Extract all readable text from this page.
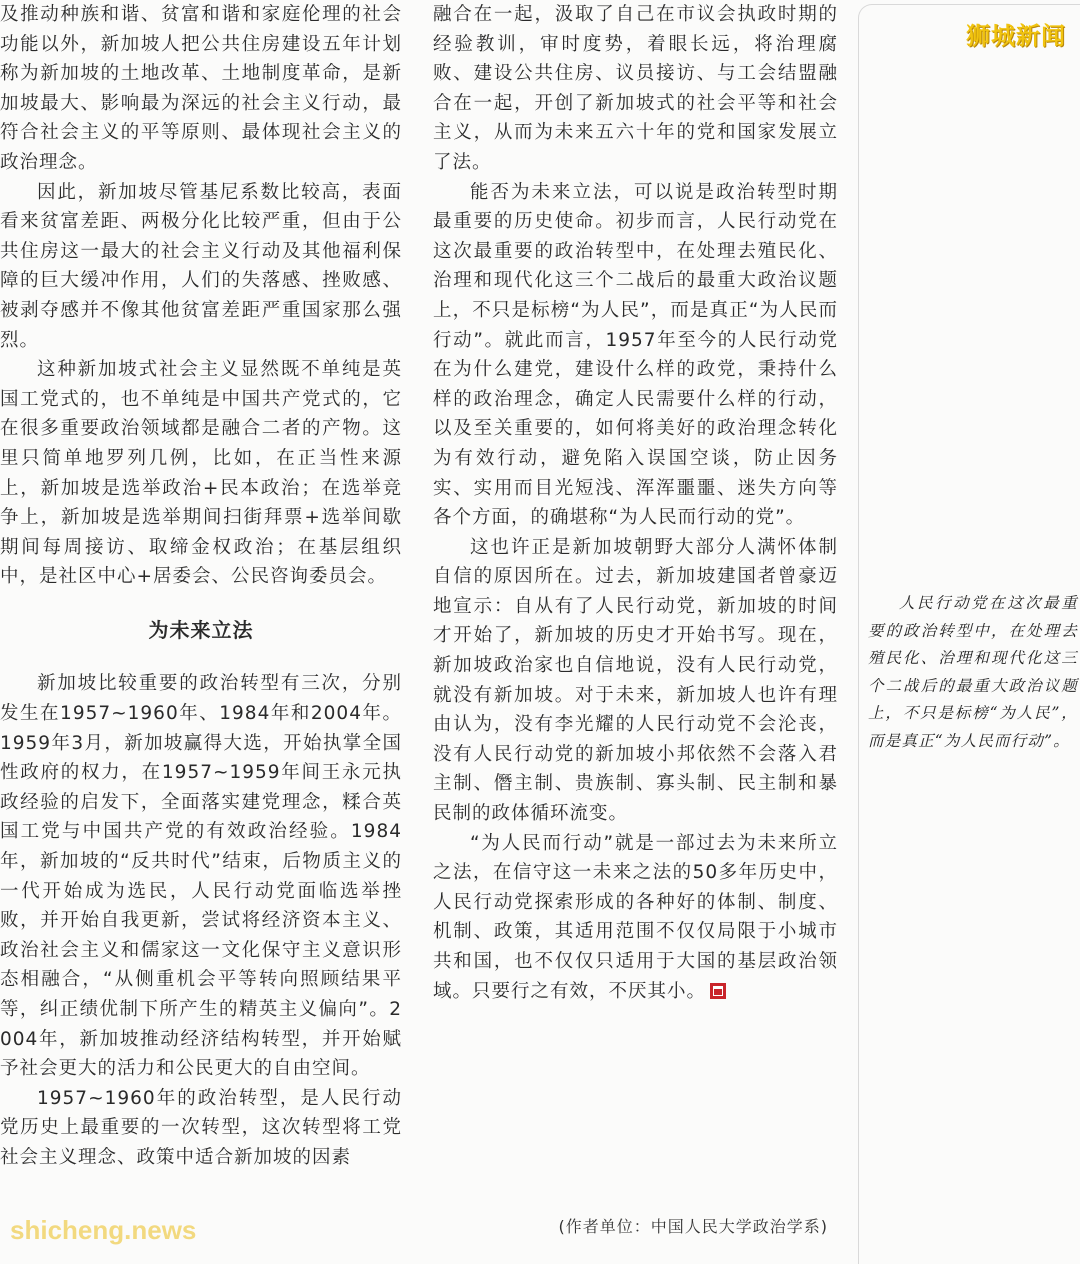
及推动种族和谐、贫富和谐和家庭伦理的社会功能以外，新加坡人把公共住房建设五年计划称为新加坡的土地改革、土地制度革命，是新加坡最大、影响最为深远的社会主义行动，最符合社会主义的平等原则、最体现社会主义的政治理念。

因此，新加坡尽管基尼系数比较高，表面看来贫富差距、两极分化比较严重，但由于公共住房这一最大的社会主义行动及其他福利保障的巨大缓冲作用，人们的失落感、挫败感、被剥夺感并不像其他贫富差距严重国家那么强烈。

这种新加坡式社会主义显然既不单纯是英国工党式的，也不单纯是中国共产党式的，它在很多重要政治领域都是融合二者的产物。这里只简单地罗列几例，比如，在正当性来源上，新加坡是选举政治+民本政治；在选举竞争上，新加坡是选举期间扫街拜票+选举间歇期间每周接访、取缔金权政治；在基层组织中，是社区中心+居委会、公民咨询委员会。

为未来立法

新加坡比较重要的政治转型有三次，分别发生在1957~1960年、1984年和2004年。1959年3月，新加坡赢得大选，开始执掌全国性政府的权力，在1957~1959年间王永元执政经验的启发下，全面落实建党理念，糅合英国工党与中国共产党的有效政治经验。1984年，新加坡的“反共时代”结束，后物质主义的一代开始成为选民，人民行动党面临选举挫败，并开始自我更新，尝试将经济资本主义、政治社会主义和儒家这一文化保守主义意识形态相融合，“从侧重机会平等转向照顾结果平等，纠正绩优制下所产生的精英主义偏向”。2004年，新加坡推动经济结构转型，并开始赋予社会更大的活力和公民更大的自由空间。

1957~1960年的政治转型，是人民行动党历史上最重要的一次转型，这次转型将工党社会主义理念、政策中适合新加坡的因素

融合在一起，汲取了自己在市议会执政时期的经验教训，审时度势，着眼长远，将治理腐败、建设公共住房、议员接访、与工会结盟融合在一起，开创了新加坡式的社会平等和社会主义，从而为未来五六十年的党和国家发展立了法。

能否为未来立法，可以说是政治转型时期最重要的历史使命。初步而言，人民行动党在这次最重要的政治转型中，在处理去殖民化、治理和现代化这三个二战后的最重大政治议题上，不只是标榜“为人民”，而是真正“为人民而行动”。就此而言，1957年至今的人民行动党在为什么建党，建设什么样的政党，秉持什么样的政治理念，确定人民需要什么样的行动，以及至关重要的，如何将美好的政治理念转化为有效行动，避免陷入误国空谈，防止因务实、实用而目光短浅、浑浑噩噩、迷失方向等各个方面，的确堪称“为人民而行动的党”。

这也许正是新加坡朝野大部分人满怀体制自信的原因所在。过去，新加坡建国者曾豪迈地宣示：自从有了人民行动党，新加坡的时间才开始了，新加坡的历史才开始书写。现在，新加坡政治家也自信地说，没有人民行动党，就没有新加坡。对于未来，新加坡人也许有理由认为，没有李光耀的人民行动党不会沦丧，没有人民行动党的新加坡小邦依然不会落入君主制、僭主制、贵族制、寡头制、民主制和暴民制的政体循环流变。

“为人民而行动”就是一部过去为未来所立之法，在信守这一未来之法的50多年历史中，人民行动党探索形成的各种好的体制、制度、机制、政策，其适用范围不仅仅局限于小城市共和国，也不仅仅只适用于大国的基层政治领域。只要行之有效，不厌其小。

狮城新闻
人民行动党在这次最重要的政治转型中，在处理去殖民化、治理和现代化这三个二战后的最重大政治议题上，不只是标榜“为人民”，而是真正“为人民而行动”。
(作者单位：中国人民大学政治学系)
shicheng.news
